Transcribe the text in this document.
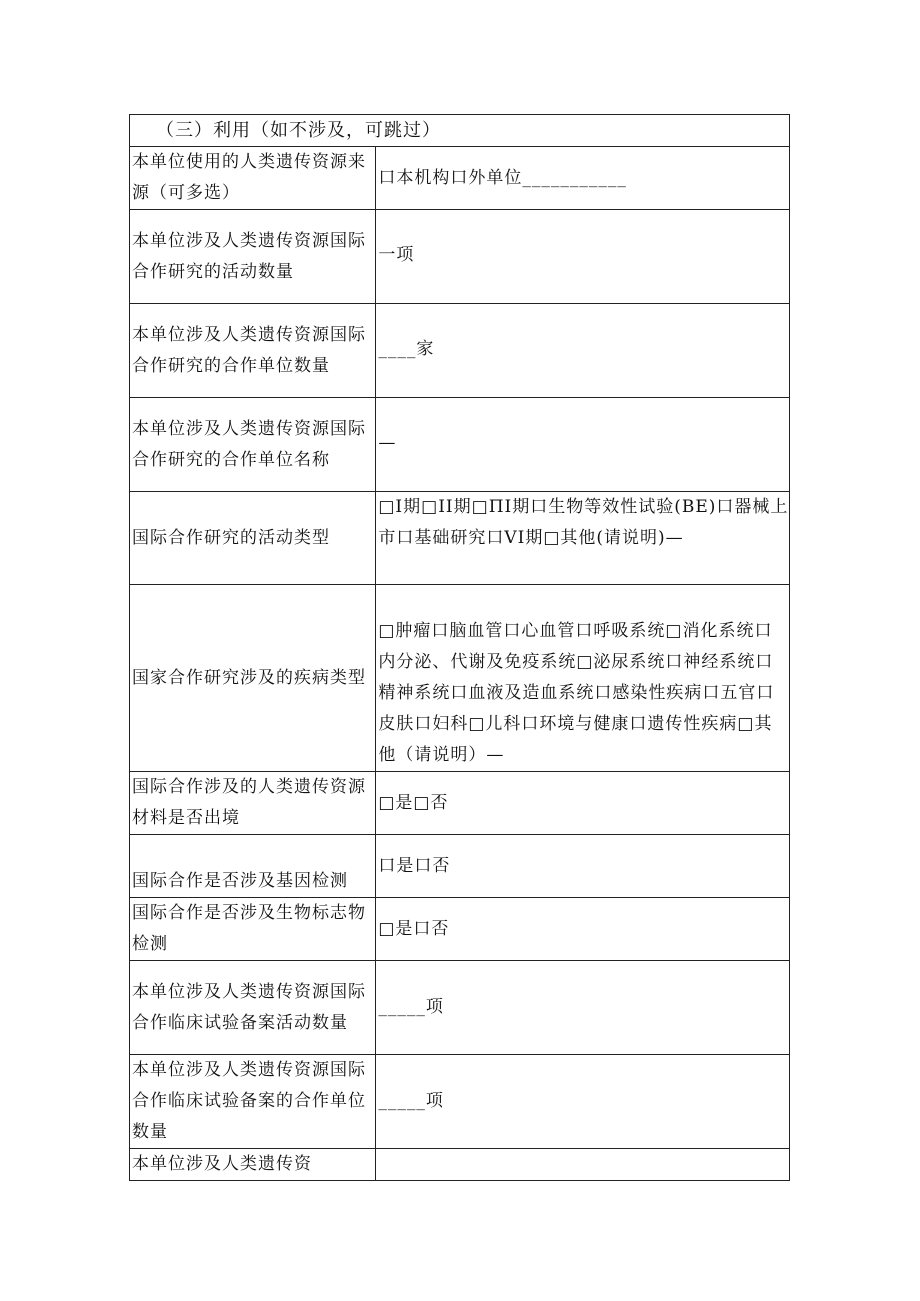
（三）利用（如不涉及，可跳过）	
本单位使用的人类遗传资源来源（可多选）	口本机构口外单位___________
本单位涉及人类遗传资源国际合作研究的活动数量	一项
本单位涉及人类遗传资源国际合作研究的合作单位数量	____家
本单位涉及人类遗传资源国际合作研究的合作单位名称	—
国际合作研究的活动类型	□I期□II期□ΠI期口生物等效性试验(BE)口器械上市口基础研究口VI期□其他(请说明)—
国家合作研究涉及的疾病类型	□肿瘤口脑血管口心血管口呼吸系统□消化系统口内分泌、代谢及免疫系统□泌尿系统口神经系统口精神系统口血液及造血系统口感染性疾病口五官口皮肤口妇科□儿科口环境与健康口遗传性疾病□其他（请说明）—
国际合作涉及的人类遗传资源材料是否出境	□是□否
国际合作是否涉及基因检测	口是口否
国际合作是否涉及生物标志物检测	□是口否
本单位涉及人类遗传资源国际合作临床试验备案活动数量	_____项
本单位涉及人类遗传资源国际合作临床试验备案的合作单位数量	_____项
本单位涉及人类遗传资	
